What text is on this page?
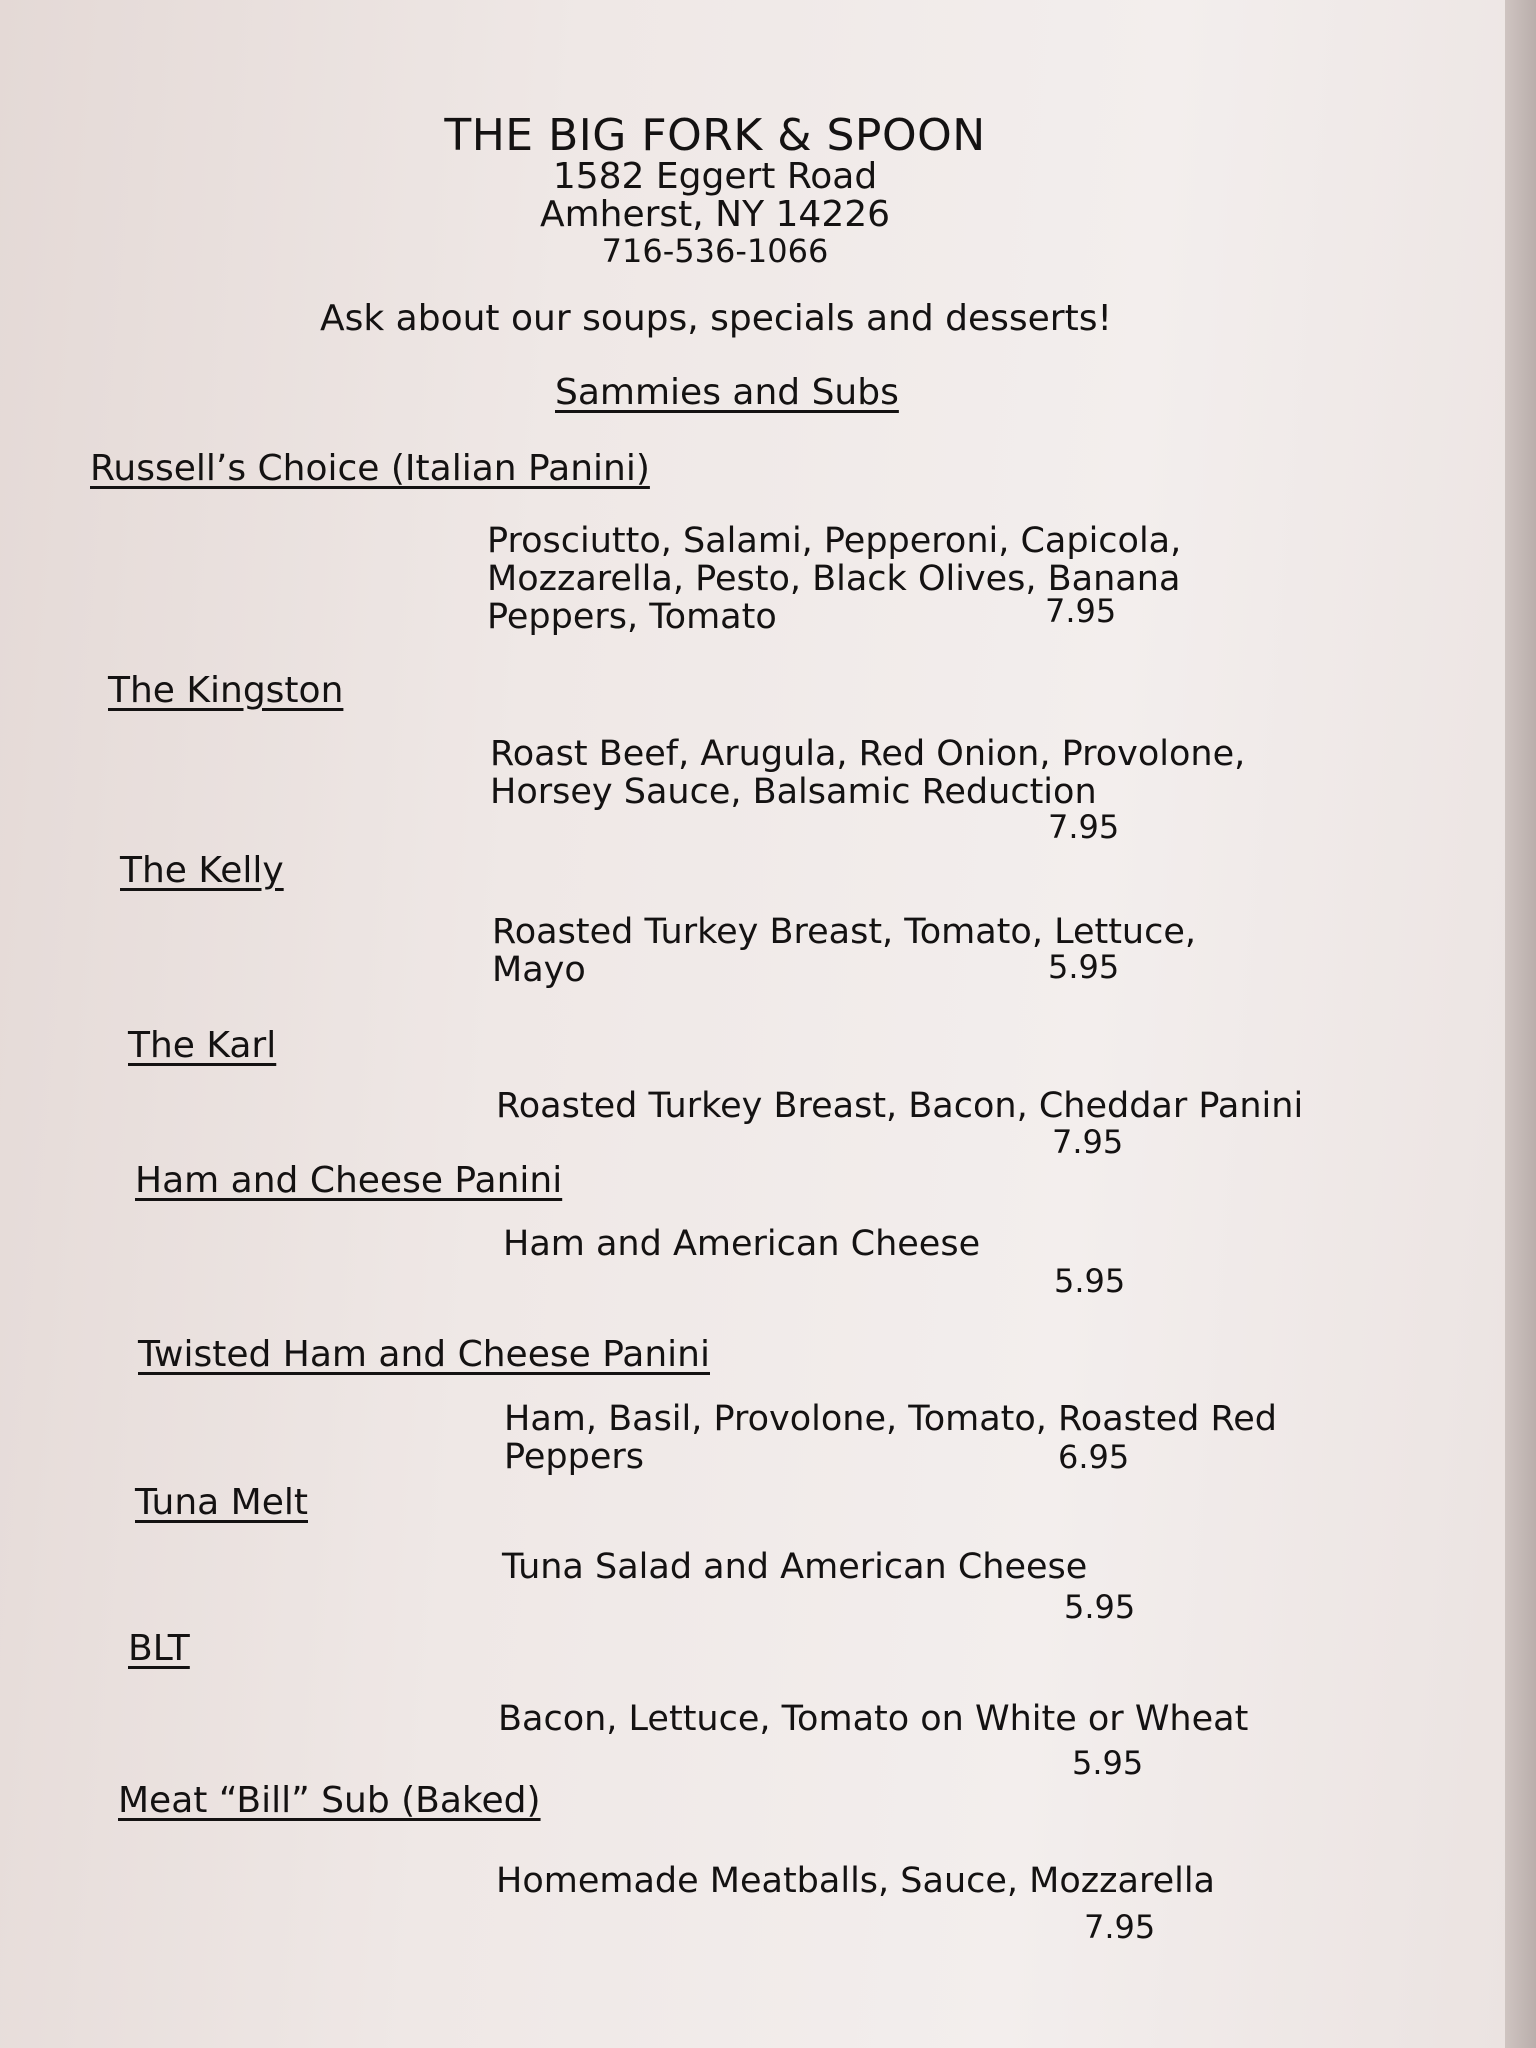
THE BIG FORK & SPOON
1582 Eggert Road
Amherst, NY 14226
716-536-1066
Ask about our soups, specials and desserts!
Sammies and Subs
Russell’s Choice (Italian Panini)
Prosciutto, Salami, Pepperoni, Capicola,
Mozzarella, Pesto, Black Olives, Banana
Peppers, Tomato	7.95
The Kingston
Roast Beef, Arugula, Red Onion, Provolone,
Horsey Sauce, Balsamic Reduction
7.95
The Kelly
Roasted Turkey Breast, Tomato, Lettuce,
Mayo	5.95
The Karl
Roasted Turkey Breast, Bacon, Cheddar Panini
7.95
Ham and Cheese Panini
Ham and American Cheese
5.95
Twisted Ham and Cheese Panini
Ham, Basil, Provolone, Tomato, Roasted Red
Peppers	6.95
Tuna Melt
Tuna Salad and American Cheese
5.95
BLT
Bacon, Lettuce, Tomato on White or Wheat
5.95
Meat “Bill” Sub (Baked)
Homemade Meatballs, Sauce, Mozzarella
7.95
